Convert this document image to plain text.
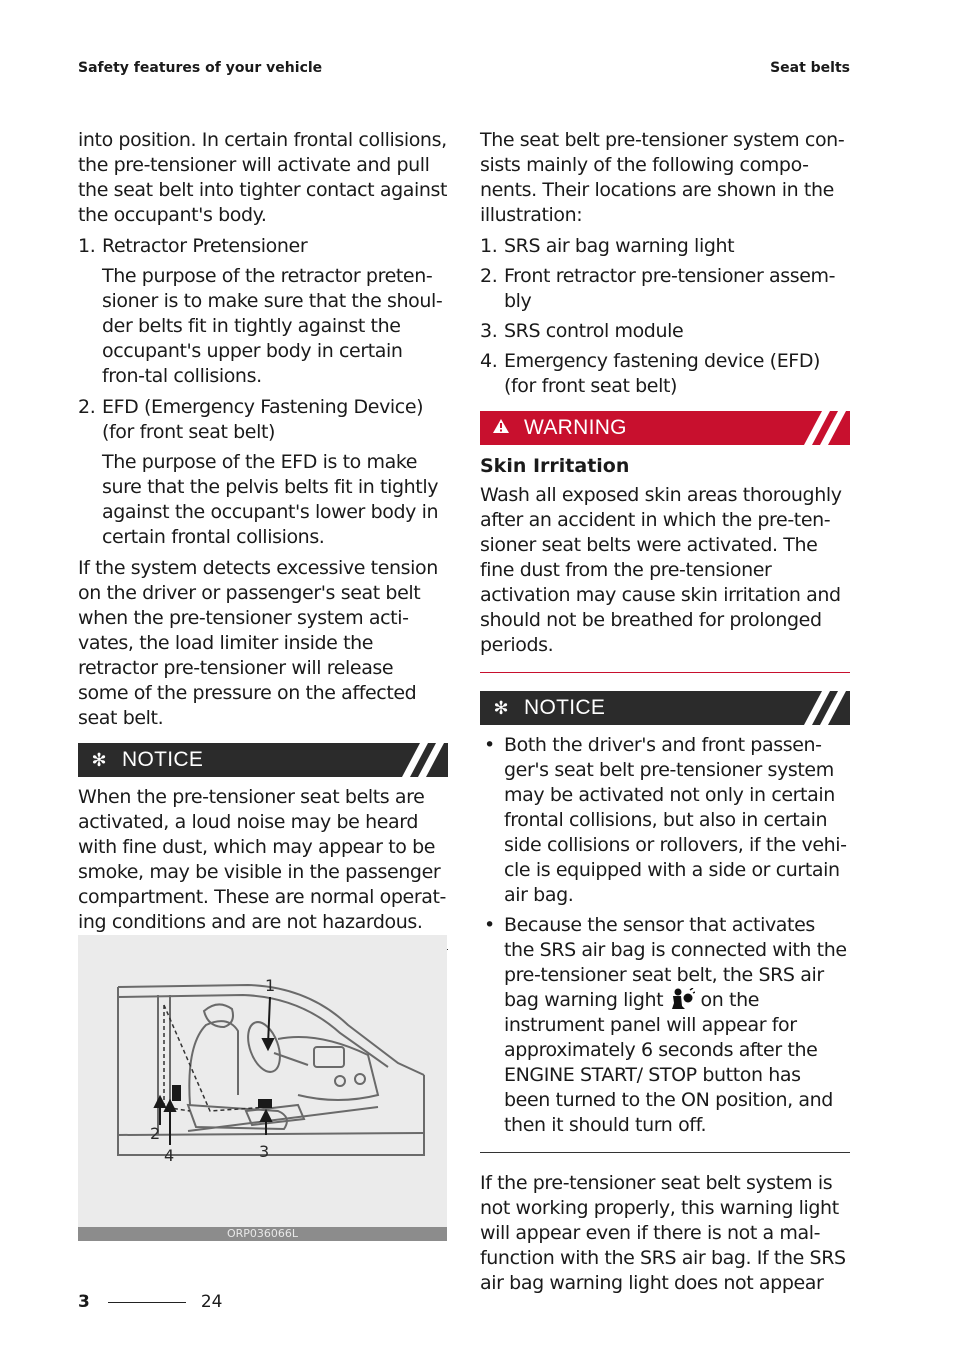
Safety features of your vehicle	Seat belts

into position. In certain frontal collisions, the pre-tensioner will activate and pull the seat belt into tighter contact against the occupant's body.

1. Retractor Pretensioner

The purpose of the retractor preten-sioner is to make sure that the shoul-der belts fit in tightly against the occupant's upper body in certain fron-tal collisions.

2. EFD (Emergency Fastening Device) (for front seat belt)

The purpose of the EFD is to make sure that the pelvis belts fit in tightly against the occupant's lower body in certain frontal collisions.

If the system detects excessive tension on the driver or passenger's seat belt when the pre-tensioner system acti-vates, the load limiter inside the retractor pre-tensioner will release some of the pressure on the affected seat belt.

✻ NOTICE

When the pre-tensioner seat belts are activated, a loud noise may be heard with fine dust, which may appear to be smoke, may be visible in the passenger compartment. These are normal operat-ing conditions and are not hazardous.

1
2
3
4
ORP036066L

The seat belt pre-tensioner system con-sists mainly of the following compo-nents. Their locations are shown in the illustration:

1. SRS air bag warning light
2. Front retractor pre-tensioner assem-bly
3. SRS control module
4. Emergency fastening device (EFD) (for front seat belt)
WARNING
Skin Irritation

Wash all exposed skin areas thoroughly after an accident in which the pre-ten-sioner seat belts were activated. The fine dust from the pre-tensioner activation may cause skin irritation and should not be breathed for prolonged periods.

✻ NOTICE
• Both the driver's and front passen-ger's seat belt pre-tensioner system may be activated not only in certain frontal collisions, but also in certain side collisions or rollovers, if the vehi-cle is equipped with a side or curtain air bag.
• Because the sensor that activates the SRS air bag is connected with the pre-tensioner seat belt, the SRS air bag warning light on the instrument panel will appear for approximately 6 seconds after the ENGINE START/ STOP button has been turned to the ON position, and then it should turn off.

If the pre-tensioner seat belt system is not working properly, this warning light will appear even if there is not a mal-function with the SRS air bag. If the SRS air bag warning light does not appear

3	24
